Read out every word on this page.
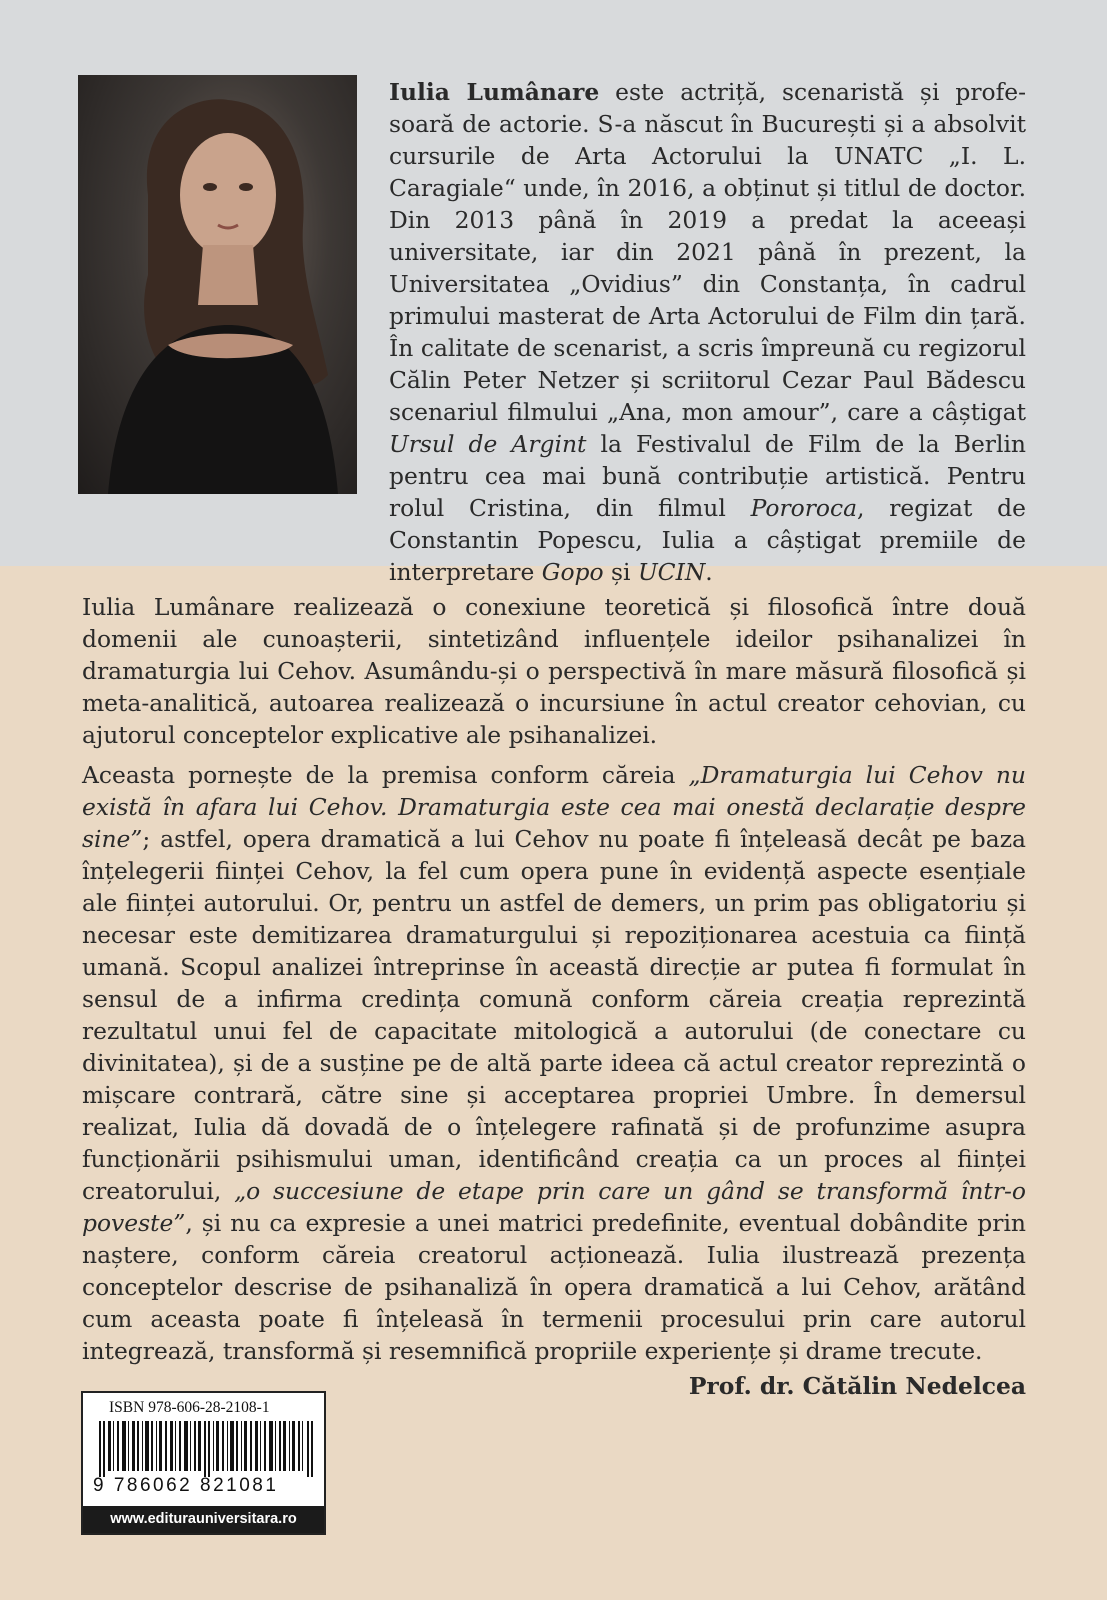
Iulia Lumânare este actriță, scenaristă și profe-soară de actorie. S-a născut în București și a absolvit cursurile de Arta Actorului la UNATC „I. L. Caragiale“ unde, în 2016, a obținut și titlul de doctor. Din 2013 până în 2019 a predat la aceeași universitate, iar din 2021 până în prezent, la Universitatea „Ovidius” din Constanța, în cadrul primului masterat de Arta Actorului de Film din țară. În calitate de scenarist, a scris împreună cu regizorul Călin Peter Netzer și scriitorul Cezar Paul Bădescu scenariul filmului „Ana, mon amour”, care a câștigat Ursul de Argint la Festivalul de Film de la Berlin pentru cea mai bună contribuție artistică. Pentru rolul Cristina, din filmul Pororoca, regizat de Constantin Popescu, Iulia a câștigat premiile de interpretare Gopo și UCIN.

Iulia Lumânare realizează o conexiune teoretică și filosofică între două domenii ale cunoașterii, sintetizând influențele ideilor psihanalizei în dramaturgia lui Cehov. Asumându-și o perspectivă în mare măsură filosofică și meta-analitică, autoarea realizează o incursiune în actul creator cehovian, cu ajutorul conceptelor explicative ale psihanalizei.

Aceasta pornește de la premisa conform căreia „Dramaturgia lui Cehov nu există în afara lui Cehov. Dramaturgia este cea mai onestă declarație despre sine”; astfel, opera dramatică a lui Cehov nu poate fi înțeleasă decât pe baza înțelegerii ființei Cehov, la fel cum opera pune în evidență aspecte esențiale ale ființei autorului. Or, pentru un astfel de demers, un prim pas obligatoriu și necesar este demitizarea dramaturgului și repoziționarea acestuia ca ființă umană. Scopul analizei întreprinse în această direcție ar putea fi formulat în sensul de a infirma credința comună conform căreia creația reprezintă rezultatul unui fel de capacitate mitologică a autorului (de conectare cu divinitatea), și de a susține pe de altă parte ideea că actul creator reprezintă o mișcare contrară, către sine și acceptarea propriei Umbre. În demersul realizat, Iulia dă dovadă de o înțelegere rafinată și de profunzime asupra funcționării psihismului uman, identificând creația ca un proces al ființei creatorului, „o succesiune de etape prin care un gând se transformă într-o poveste”, și nu ca expresie a unei matrici predefinite, eventual dobândite prin naștere, conform căreia creatorul acționează. Iulia ilustrează prezența conceptelor descrise de psihanaliză în opera dramatică a lui Cehov, arătând cum aceasta poate fi înțeleasă în termenii procesului prin care autorul integrează, transformă și resemnifică propriile experiențe și drame trecute.

Prof. dr. Cătălin Nedelcea
ISBN 978-606-28-2108-1
9 786062 821081
www.editurauniversitara.ro
